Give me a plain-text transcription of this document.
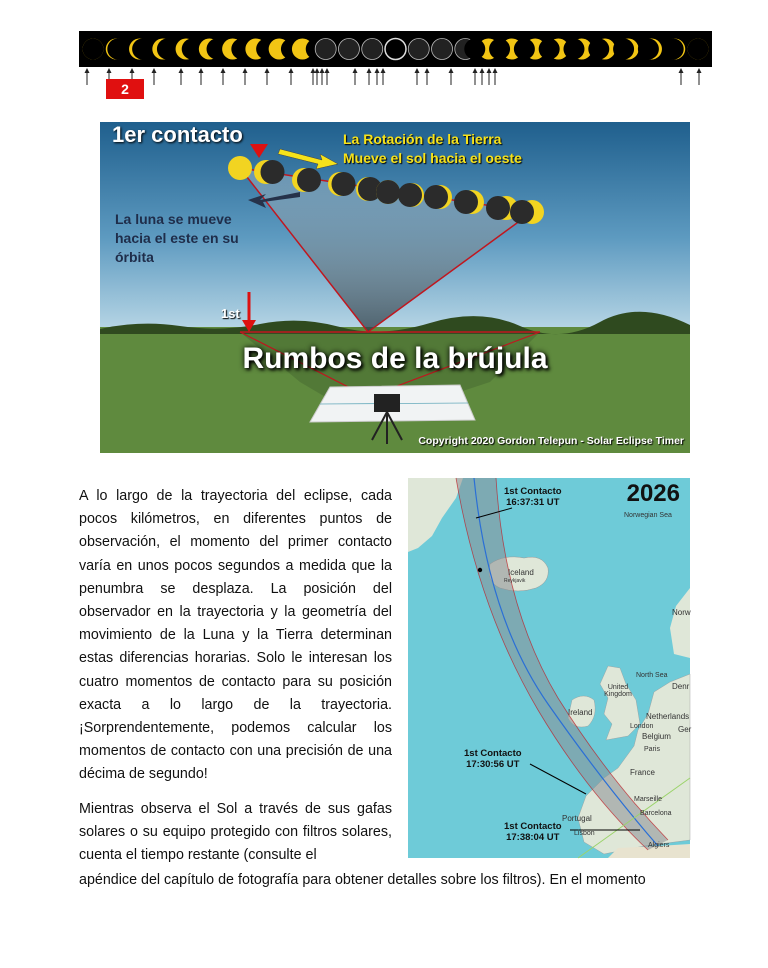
2
1er contacto	La Rotación de la Tierra
Mueve el sol hacia el oeste
La luna se mueve
hacia el este en su
órbita
1st
Rumbos de la brújula
Copyright 2020 Gordon Telepun - Solar Eclipse Timer
A lo largo de la trayectoria del eclipse, cada pocos kilómetros, en diferentes puntos de observación, el momento del primer contacto varía en unos pocos segundos a medida que la penumbra se desplaza. La posición del observador en la trayectoria y la geometría del movimiento de la Luna y la Tierra determinan estas diferencias horarias. Solo le interesan los cuatro momentos de contacto para su posición exacta a lo largo de la trayectoria. ¡Sorprendentemente, podemos calcular los momentos de contacto con una precisión de una décima de segundo!
Mientras observa el Sol a través de sus gafas solares o su equipo protegido con filtros solares, cuenta el tiempo restante (consulte el
apéndice del capítulo de fotografía para obtener detalles sobre los filtros). En el momento
2026
1st Contacto
16:37:31 UT
1st Contacto
17:30:56 UT
1st Contacto
17:38:04 UT
Norwegian Sea
Iceland
Reykjavik
Norw
North Sea
Denr
United Kingdom
Ireland	Netherlands
London	Ger
Belgium
Paris
France
Marseille
Portugal
Barcelona
Lisbon
Algiers
